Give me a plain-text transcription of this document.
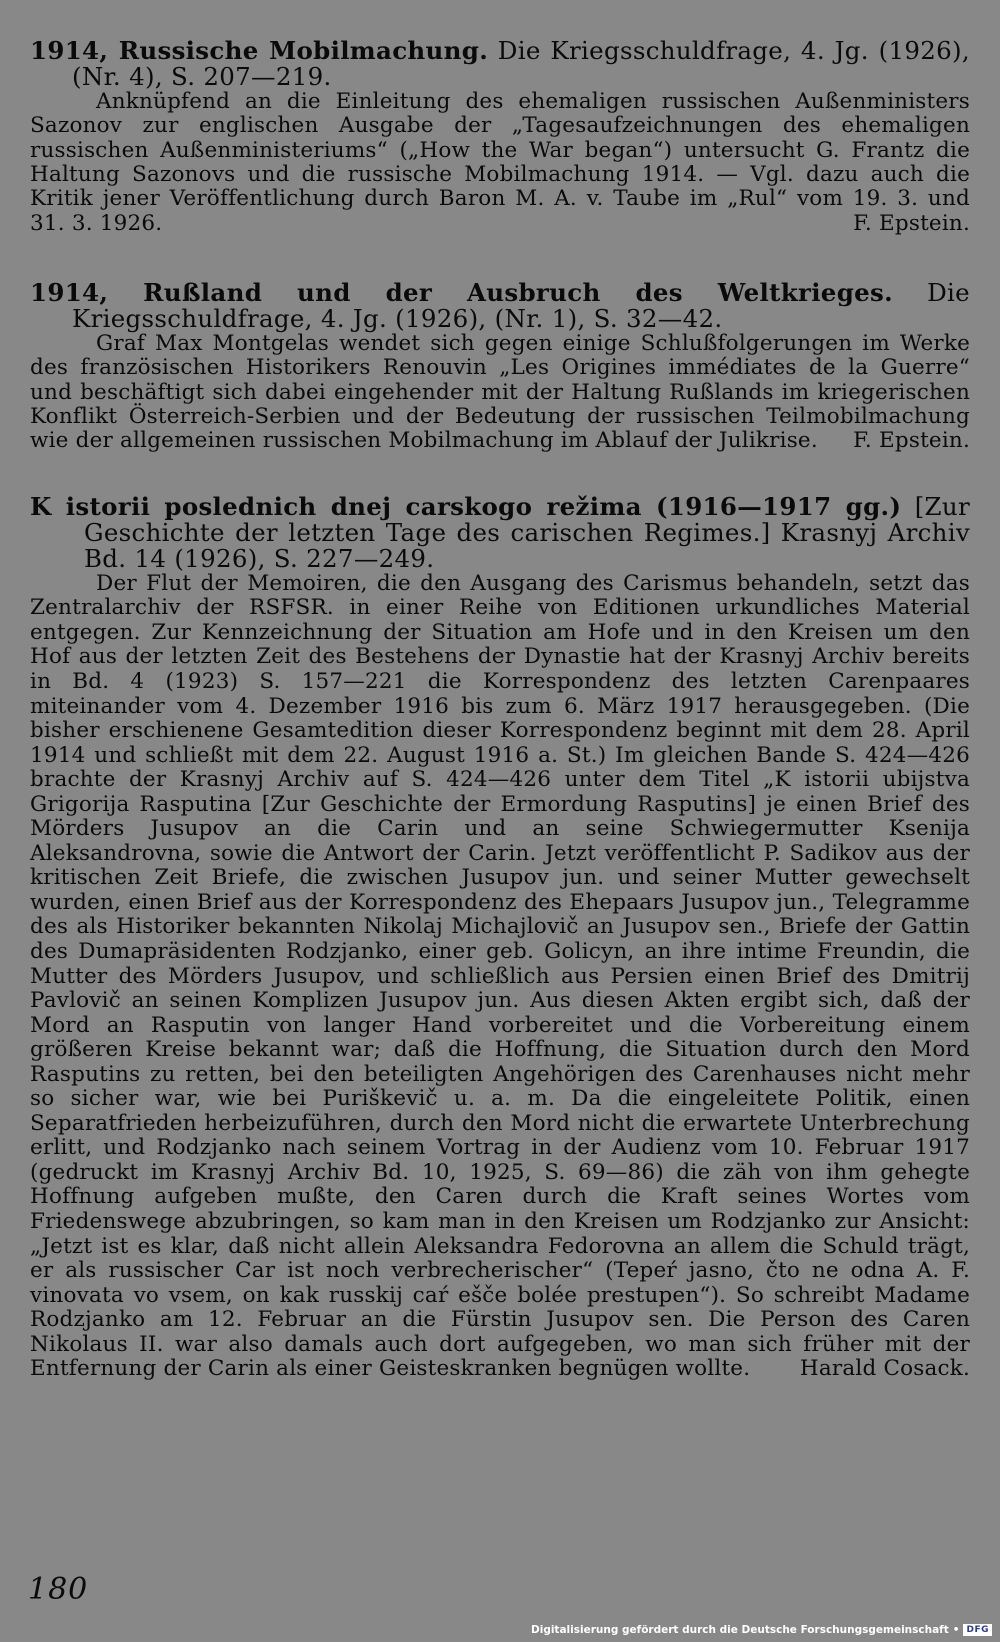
1914, Russische Mobilmachung. Die Kriegsschuldfrage, 4. Jg. (1926), (Nr. 4), S. 207—219.

Anknüpfend an die Einleitung des ehemaligen russischen Außenministers Sazonov zur englischen Ausgabe der „Tagesaufzeichnungen des ehemaligen russischen Außenministeriums“ („How the War began“) untersucht G. Frantz die Haltung Sazonovs und die russische Mobilmachung 1914. — Vgl. dazu auch die Kritik jener Veröffentlichung durch Baron M. A. v. Taube im „Rul“ vom 19. 3. und 31. 3. 1926.	F. Epstein.

1914, Rußland und der Ausbruch des Weltkrieges. Die Kriegsschuldfrage, 4. Jg. (1926), (Nr. 1), S. 32—42.

Graf Max Montgelas wendet sich gegen einige Schlußfolgerungen im Werke des französischen Historikers Renouvin „Les Origines immédiates de la Guerre“ und beschäftigt sich dabei eingehender mit der Haltung Rußlands im kriegerischen Konflikt Österreich-Serbien und der Bedeutung der russischen Teilmobilmachung wie der allgemeinen russischen Mobilmachung im Ablauf der Julikrise. F. Epstein.

K istorii poslednich dnej carskogo režima (1916—1917 gg.) [Zur Geschichte der letzten Tage des carischen Regimes.] Krasnyj Archiv Bd. 14 (1926), S. 227—249.

Der Flut der Memoiren, die den Ausgang des Carismus behandeln, setzt das Zentralarchiv der RSFSR. in einer Reihe von Editionen urkundliches Material entgegen. Zur Kennzeichnung der Situation am Hofe und in den Kreisen um den Hof aus der letzten Zeit des Bestehens der Dynastie hat der Krasnyj Archiv bereits in Bd. 4 (1923) S. 157—221 die Korrespondenz des letzten Carenpaares miteinander vom 4. Dezember 1916 bis zum 6. März 1917 herausgegeben. (Die bisher erschienene Gesamtedition dieser Korrespondenz beginnt mit dem 28. April 1914 und schließt mit dem 22. August 1916 a. St.) Im gleichen Bande S. 424—426 brachte der Krasnyj Archiv auf S. 424—426 unter dem Titel „K istorii ubijstva Grigorija Rasputina [Zur Geschichte der Ermordung Rasputins] je einen Brief des Mörders Jusupov an die Carin und an seine Schwiegermutter Ksenija Aleksandrovna, sowie die Antwort der Carin. Jetzt veröffentlicht P. Sadikov aus der kritischen Zeit Briefe, die zwischen Jusupov jun. und seiner Mutter gewechselt wurden, einen Brief aus der Korrespondenz des Ehepaars Jusupov jun., Telegramme des als Historiker bekannten Nikolaj Michajlovič an Jusupov sen., Briefe der Gattin des Dumapräsidenten Rodzjanko, einer geb. Golicyn, an ihre intime Freundin, die Mutter des Mörders Jusupov, und schließlich aus Persien einen Brief des Dmitrij Pavlovič an seinen Komplizen Jusupov jun. Aus diesen Akten ergibt sich, daß der Mord an Rasputin von langer Hand vorbereitet und die Vorbereitung einem größeren Kreise bekannt war; daß die Hoffnung, die Situation durch den Mord Rasputins zu retten, bei den beteiligten Angehörigen des Carenhauses nicht mehr so sicher war, wie bei Puriškevič u. a. m. Da die eingeleitete Politik, einen Separatfrieden herbeizuführen, durch den Mord nicht die erwartete Unterbrechung erlitt, und Rodzjanko nach seinem Vortrag in der Audienz vom 10. Februar 1917 (gedruckt im Krasnyj Archiv Bd. 10, 1925, S. 69—86) die zäh von ihm gehegte Hoffnung aufgeben mußte, den Caren durch die Kraft seines Wortes vom Friedenswege abzubringen, so kam man in den Kreisen um Rodzjanko zur Ansicht: „Jetzt ist es klar, daß nicht allein Aleksandra Fedorovna an allem die Schuld trägt, er als russischer Car ist noch verbrecherischer“ (Tepeŕ jasno, čto ne odna A. F. vinovata vo vsem, on kak russkij caŕ ešče bolée prestupen“). So schreibt Madame Rodzjanko am 12. Februar an die Fürstin Jusupov sen. Die Person des Caren Nikolaus II. war also damals auch dort aufgegeben, wo man sich früher mit der Entfernung der Carin als einer Geisteskranken begnügen wollte. Harald Cosack.

180
Digitalisierung gefördert durch die Deutsche Forschungsgemeinschaft • DFG
